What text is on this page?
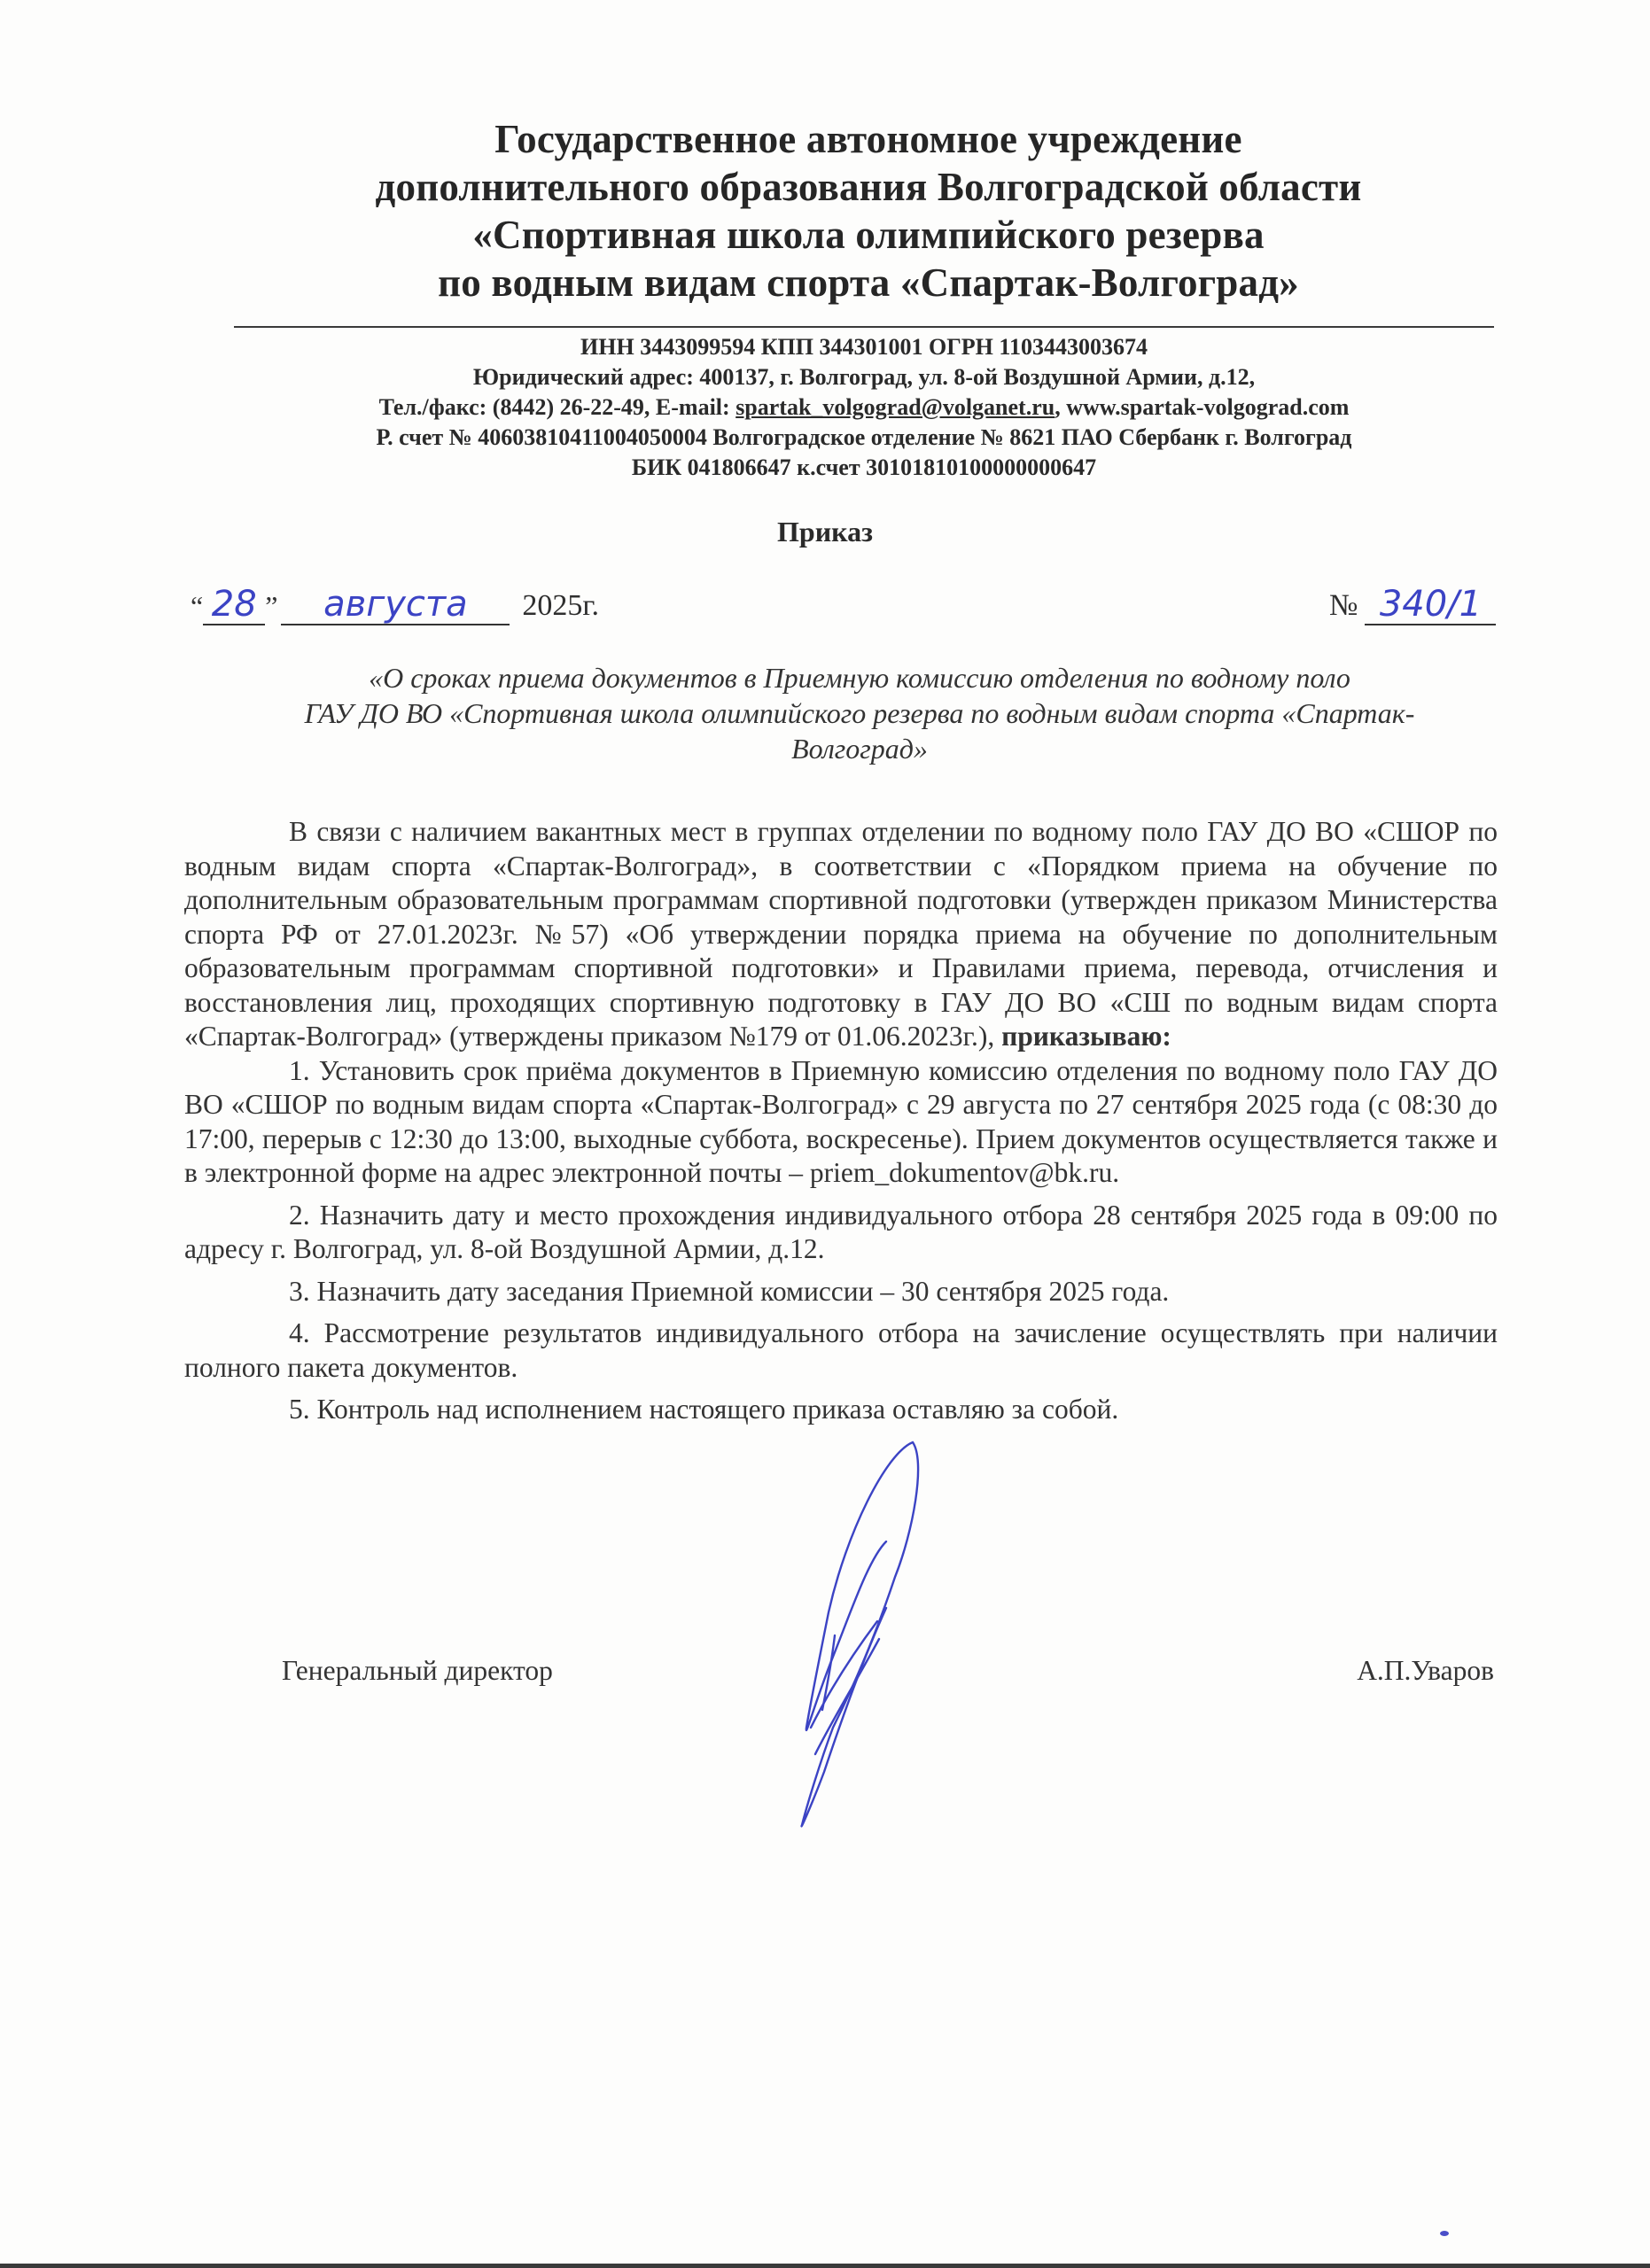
Государственное автономное учреждение
дополнительного образования Волгоградской области
«Спортивная школа олимпийского резерва
по водным видам спорта «Спартак-Волгоград»
ИНН 3443099594 КПП 344301001 ОГРН 1103443003674
Юридический адрес: 400137, г. Волгоград, ул. 8-ой Воздушной Армии, д.12,
Тел./факс: (8442) 26-22-49, E-mail: spartak_volgograd@volganet.ru, www.spartak-volgograd.com
Р. счет № 40603810411004050004 Волгоградское отделение № 8621 ПАО Сбербанк г. Волгоград
БИК 041806647 к.счет 30101810100000000647
Приказ
“ 28 ”	августа	2025г.	№ 340/1
«О сроках приема документов в Приемную комиссию отделения по водному поло
ГАУ ДО ВО «Спортивная школа олимпийского резерва по водным видам спорта «Спартак-
Волгоград»

В связи с наличием вакантных мест в группах отделении по водному поло ГАУ ДО ВО «СШОР по водным видам спорта «Спартак-Волгоград», в соответствии с «Порядком приема на обучение по дополнительным образовательным программам спортивной подготовки (утвержден приказом Министерства спорта РФ от 27.01.2023г. №57) «Об утверждении порядка приема на обучение по дополнительным образовательным программам спортивной подготовки» и Правилами приема, перевода, отчисления и восстановления лиц, проходящих спортивную подготовку в ГАУ ДО ВО «СШ по водным видам спорта «Спартак-Волгоград» (утверждены приказом №179 от 01.06.2023г.), приказываю:

1. Установить срок приёма документов в Приемную комиссию отделения по водному поло ГАУ ДО ВО «СШОР по водным видам спорта «Спартак-Волгоград» с 29 августа по 27 сентября 2025 года (с 08:30 до 17:00, перерыв с 12:30 до 13:00, выходные суббота, воскресенье). Прием документов осуществляется также и в электронной форме на адрес электронной почты – priem_dokumentov@bk.ru.

2. Назначить дату и место прохождения индивидуального отбора 28 сентября 2025 года в 09:00 по адресу г. Волгоград, ул. 8-ой Воздушной Армии, д.12.

3. Назначить дату заседания Приемной комиссии – 30 сентября 2025 года.

4. Рассмотрение результатов индивидуального отбора на зачисление осуществлять при наличии полного пакета документов.

5. Контроль над исполнением настоящего приказа оставляю за собой.

Генеральный директор	А.П.Уваров
